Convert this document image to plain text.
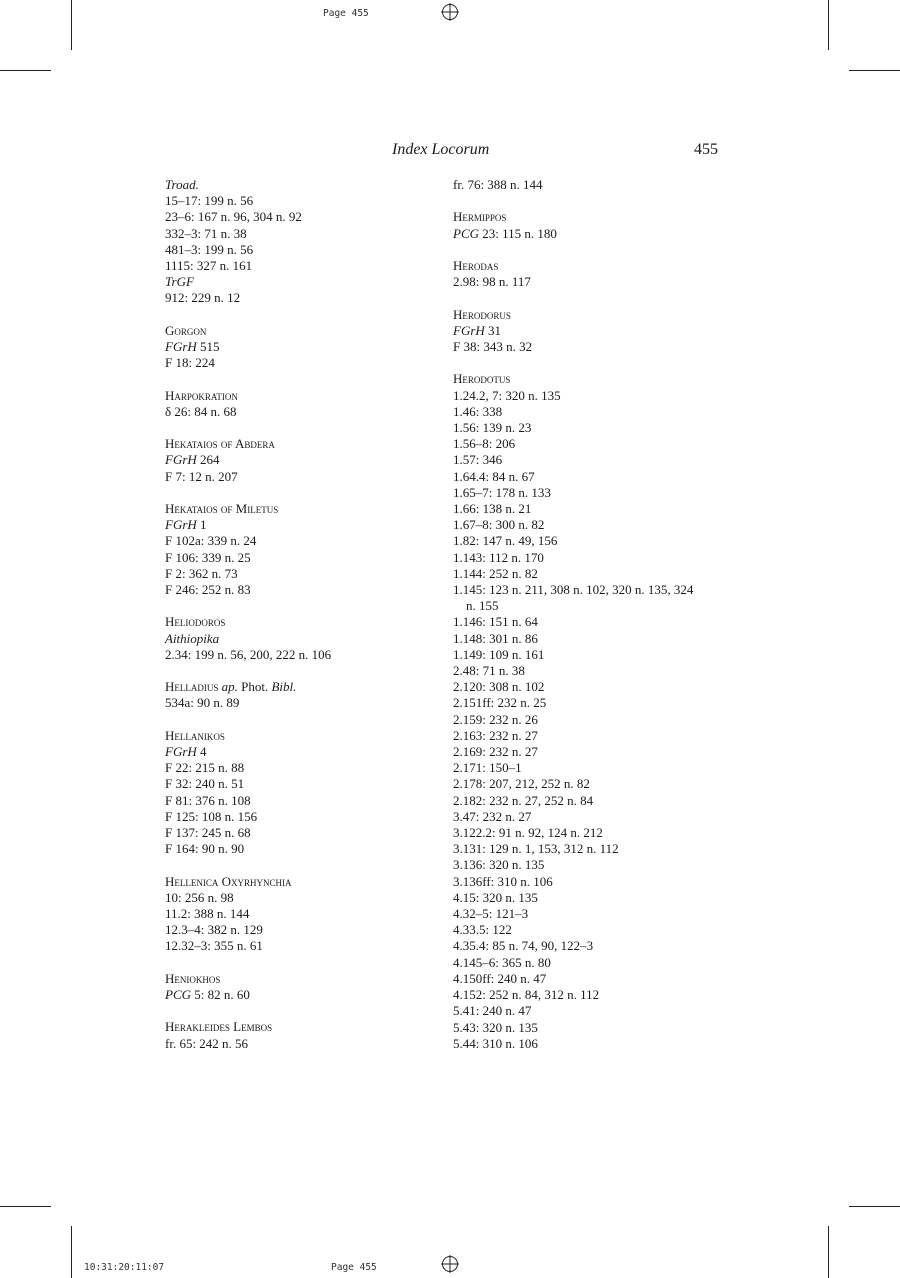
Page 455
10:31:20:11:07	Page 455
Index Locorum	455
Troad.
15–17: 199 n. 56
23–6: 167 n. 96, 304 n. 92
332–3: 71 n. 38
481–3: 199 n. 56
1115: 327 n. 161
TrGF
912: 229 n. 12
Gorgon
FGrH 515
F 18: 224
Harpokration
δ 26: 84 n. 68
Hekataios of Abdera
FGrH 264
F 7: 12 n. 207
Hekataios of Miletus
FGrH 1
F 102a: 339 n. 24
F 106: 339 n. 25
F 2: 362 n. 73
F 246: 252 n. 83
Heliodoros
Aithiopika
2.34: 199 n. 56, 200, 222 n. 106
Helladius ap. Phot. Bibl.
534a: 90 n. 89
Hellanikos
FGrH 4
F 22: 215 n. 88
F 32: 240 n. 51
F 81: 376 n. 108
F 125: 108 n. 156
F 137: 245 n. 68
F 164: 90 n. 90
Hellenica Oxyrhynchia
10: 256 n. 98
11.2: 388 n. 144
12.3–4: 382 n. 129
12.32–3: 355 n. 61
Heniokhos
PCG 5: 82 n. 60
Herakleides Lembos
fr. 65: 242 n. 56
fr. 76: 388 n. 144
Hermippos
PCG 23: 115 n. 180
Herodas
2.98: 98 n. 117
Herodorus
FGrH 31
F 38: 343 n. 32
Herodotus
1.24.2, 7: 320 n. 135
1.46: 338
1.56: 139 n. 23
1.56–8: 206
1.57: 346
1.64.4: 84 n. 67
1.65–7: 178 n. 133
1.66: 138 n. 21
1.67–8: 300 n. 82
1.82: 147 n. 49, 156
1.143: 112 n. 170
1.144: 252 n. 82
1.145: 123 n. 211, 308 n. 102, 320 n. 135, 324
n. 155
1.146: 151 n. 64
1.148: 301 n. 86
1.149: 109 n. 161
2.48: 71 n. 38
2.120: 308 n. 102
2.151ff: 232 n. 25
2.159: 232 n. 26
2.163: 232 n. 27
2.169: 232 n. 27
2.171: 150–1
2.178: 207, 212, 252 n. 82
2.182: 232 n. 27, 252 n. 84
3.47: 232 n. 27
3.122.2: 91 n. 92, 124 n. 212
3.131: 129 n. 1, 153, 312 n. 112
3.136: 320 n. 135
3.136ff: 310 n. 106
4.15: 320 n. 135
4.32–5: 121–3
4.33.5: 122
4.35.4: 85 n. 74, 90, 122–3
4.145–6: 365 n. 80
4.150ff: 240 n. 47
4.152: 252 n. 84, 312 n. 112
5.41: 240 n. 47
5.43: 320 n. 135
5.44: 310 n. 106
